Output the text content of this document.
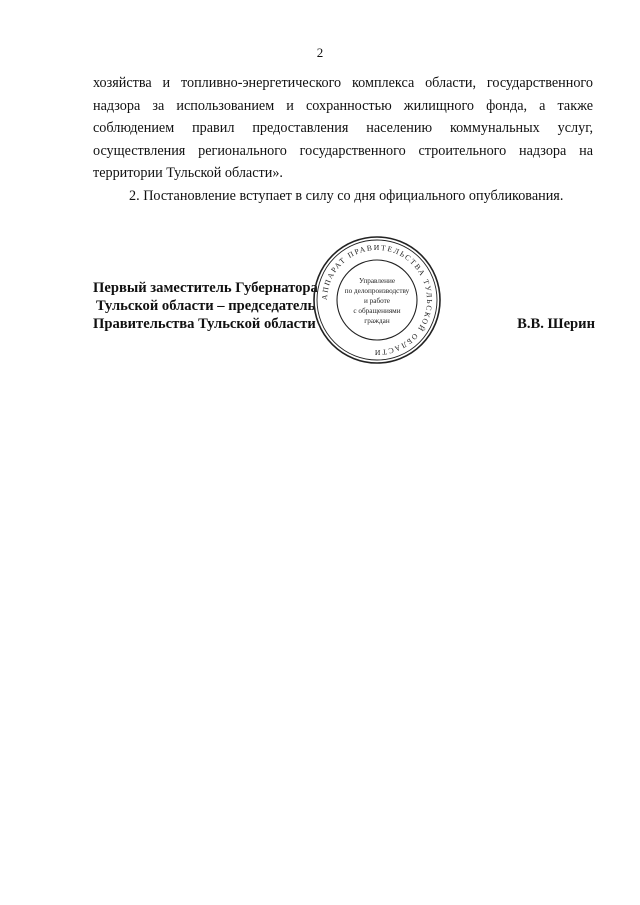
2

хозяйства и топливно-энергетического комплекса области, государственного
надзора за использованием и сохранностью жилищного фонда, а также
соблюдением правил предоставления населению коммунальных услуг,
осуществления регионального государственного строительного надзора на
территории Тульской области».

2. Постановление вступает в силу со дня официального опубликования.

Первый заместитель Губернатора
Тульской области – председатель
Правительства Тульской области	В.В. Шерин
АППАРАТ ПРАВИТЕЛЬСТВА ТУЛЬСКОЙ ОБЛАСТИ
Управление
по делопроизводству
и работе
с обращениями
граждан
